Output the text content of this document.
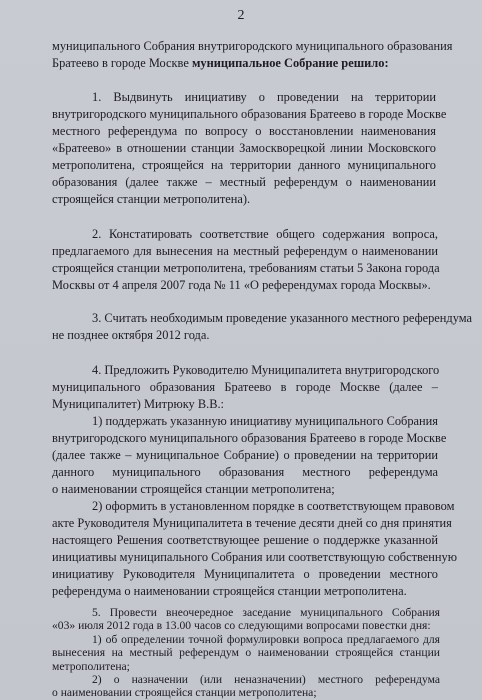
2
муниципального Собрания внутригородского муниципального образования
Братеево в городе Москве муниципальное Собрание решило:
1. Выдвинуть инициативу о проведении на территории
внутригородского муниципального образования Братеево в городе Москве
местного референдума по вопросу о восстановлении наименования
«Братеево» в отношении станции Замоскворецкой линии Московского
метрополитена, строящейся на территории данного муниципального
образования (далее также – местный референдум о наименовании
строящейся станции метрополитена).
2. Констатировать соответствие общего содержания вопроса,
предлагаемого для вынесения на местный референдум о наименовании
строящейся станции метрополитена, требованиям статьи 5 Закона города
Москвы от 4 апреля 2007 года № 11 «О референдумах города Москвы».
3. Считать необходимым проведение указанного местного референдума
не позднее октября 2012 года.
4. Предложить Руководителю Муниципалитета внутригородского
муниципального образования Братеево в городе Москве (далее –
Муниципалитет) Митрюку В.В.:
1) поддержать указанную инициативу муниципального Собрания
внутригородского муниципального образования Братеево в городе Москве
(далее также – муниципальное Собрание) о проведении на территории
данного муниципального образования местного референдума
о наименовании строящейся станции метрополитена;
2) оформить в установленном порядке в соответствующем правовом
акте Руководителя Муниципалитета в течение десяти дней со дня принятия
настоящего Решения соответствующее решение о поддержке указанной
инициативы муниципального Собрания или соответствующую собственную
инициативу Руководителя Муниципалитета о проведении местного
референдума о наименовании строящейся станции метрополитена.
5. Провести внеочередное заседание муниципального Собрания
«03» июля 2012 года в 13.00 часов со следующими вопросами повестки дня:
1) об определении точной формулировки вопроса предлагаемого для
вынесения на местный референдум о наименовании строящейся станции
метрополитена;
2) о назначении (или неназначении) местного референдума
о наименовании строящейся станции метрополитена;
